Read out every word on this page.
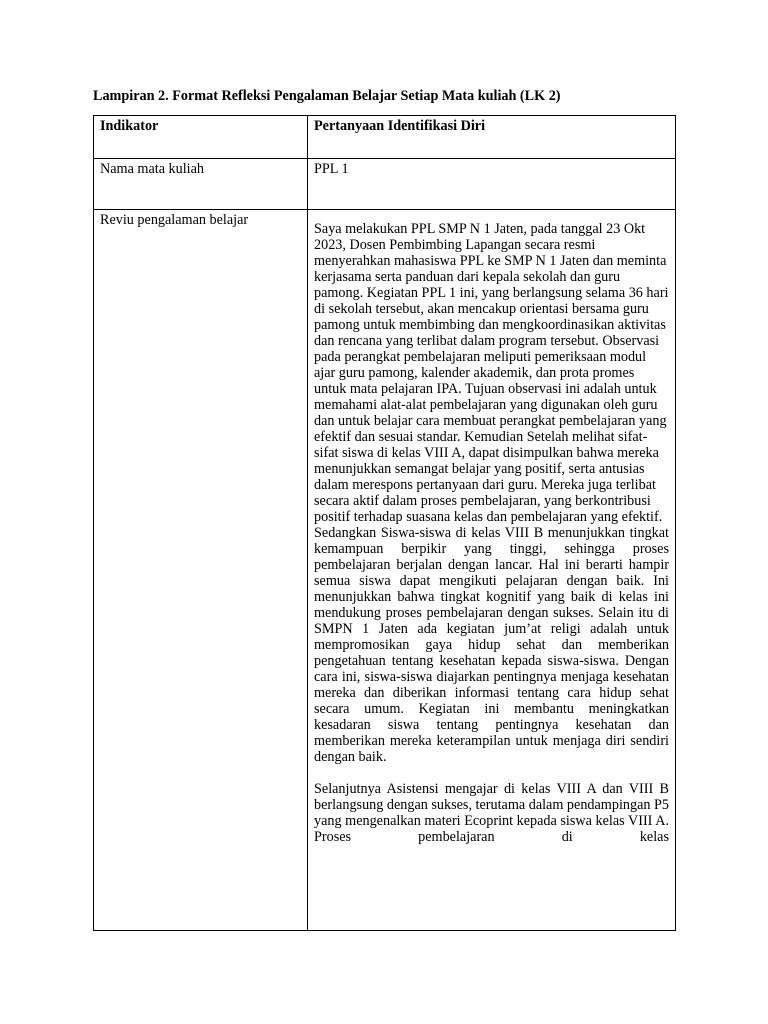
Lampiran 2. Format Refleksi Pengalaman Belajar Setiap Mata kuliah (LK 2)
Indikator	Pertanyaan Identifikasi Diri
Nama mata kuliah	PPL 1
Reviu pengalaman belajar	Saya melakukan PPL SMP N 1 Jaten, pada tanggal 23 Okt 2023, Dosen Pembimbing Lapangan secara resmi menyerahkan mahasiswa PPL ke SMP N 1 Jaten dan meminta kerjasama serta panduan dari kepala sekolah dan guru pamong. Kegiatan PPL 1 ini, yang berlangsung selama 36 hari di sekolah tersebut, akan mencakup orientasi bersama guru pamong untuk membimbing dan mengkoordinasikan aktivitas dan rencana yang terlibat dalam program tersebut. Observasi pada perangkat pembelajaran meliputi pemeriksaan modul ajar guru pamong, kalender akademik, dan prota promes untuk mata pelajaran IPA. Tujuan observasi ini adalah untuk memahami alat-alat pembelajaran yang digunakan oleh guru dan untuk belajar cara membuat perangkat pembelajaran yang efektif dan sesuai standar. Kemudian Setelah melihat sifat-sifat siswa di kelas VIII A, dapat disimpulkan bahwa mereka menunjukkan semangat belajar yang positif, serta antusias dalam merespons pertanyaan dari guru. Mereka juga terlibat secara aktif dalam proses pembelajaran, yang berkontribusi positif terhadap suasana kelas dan pembelajaran yang efektif.

Sedangkan Siswa-siswa di kelas VIII B menunjukkan tingkat kemampuan berpikir yang tinggi, sehingga proses pembelajaran berjalan dengan lancar. Hal ini berarti hampir semua siswa dapat mengikuti pelajaran dengan baik. Ini menunjukkan bahwa tingkat kognitif yang baik di kelas ini mendukung proses pembelajaran dengan sukses. Selain itu di SMPN 1 Jaten ada kegiatan jum’at religi adalah untuk mempromosikan gaya hidup sehat dan memberikan pengetahuan tentang kesehatan kepada siswa-siswa. Dengan cara ini, siswa-siswa diajarkan pentingnya menjaga kesehatan mereka dan diberikan informasi tentang cara hidup sehat secara umum. Kegiatan ini membantu meningkatkan kesadaran siswa tentang pentingnya kesehatan dan memberikan mereka keterampilan untuk menjaga diri sendiri dengan baik.

Selanjutnya Asistensi mengajar di kelas VIII A dan VIII B berlangsung dengan sukses, terutama dalam pendampingan P5 yang mengenalkan materi Ecoprint kepada siswa kelas VIII A. Proses pembelajaran di kelas
